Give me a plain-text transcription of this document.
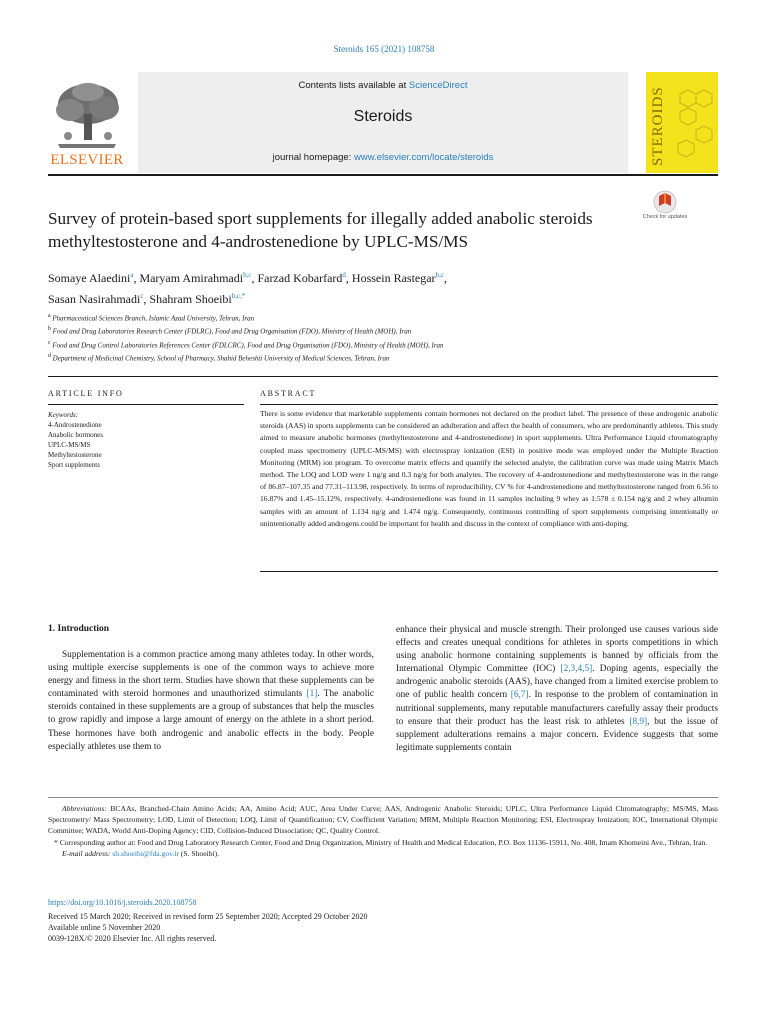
Steroids 165 (2021) 108758
Contents lists available at ScienceDirect
Steroids
journal homepage: www.elsevier.com/locate/steroids
ELSEVIER	STEROIDS
Survey of protein-based sport supplements for illegally added anabolic steroids methyltestosterone and 4-androstenedione by UPLC-MS/MS
Check for updates
Somaye Alaedini$^a$, Maryam Amirahmadi$^{b,c}$, Farzad Kobarfard$^d$, Hossein Rastegar$^{b,c}$,
Sasan Nasirahmadi$^c$, Shahram Shoeibi$^{b,c,*}$
$^a$ Pharmaceutical Sciences Branch, Islamic Azad University, Tehran, Iran
$^b$ Food and Drug Laboratories Research Center (FDLRC), Food and Drug Organisation (FDO), Ministry of Health (MOH), Iran
$^c$ Food and Drug Control Laboratories References Center (FDLCRC), Food and Drug Organisation (FDO), Ministry of Health (MOH), Iran
$^d$ Department of Medicinal Chemistry, School of Pharmacy, Shahid Beheshti University of Medical Sciences, Tehran, Iran
ARTICLE INFO	ABSTRACT
Keywords:
4-Androstenedione
Anabolic hormones
UPLC-MS/MS
Methyltestosterone
Sport supplements
There is some evidence that marketable supplements contain hormones not declared on the product label. The presence of these androgenic anabolic steroids (AAS) in sports supplements can be considered an adulteration and affect the health of consumers, who are predominantly athletes. This study aimed to measure anabolic hormones (methyltestosterone and 4-androstenedione) in sport supplements. Ultra Performance Liquid chromatography coupled mass spectrometry (UPLC-MS/MS) with electrospray ionization (ESI) in positive mode was employed under the Multiple Reaction Monitoring (MRM) ion program. To overcome matrix effects and quantify the selected analyte, the calibration curve was made using Matrix Match method. The LOQ and LOD were 1 ng/g and 0.3 ng/g for both analytes. The recovery of 4-androstenedione and methyltestosterone was in the range of 86.87–107.35 and 77.31–113.98, respectively. In terms of reproducibility, CV % for 4-androstenedione and methyltestosterone ranged from 6.56 to 16.87% and 1.45–15.12%, respectively. 4-androstenedione was found in 11 samples including 9 whey as 1.578 ± 0.154 ng/g and 2 whey albumin samples with an amount of 1.134 ng/g and 1.474 ng/g. Consequently, continuous controlling of sport supplements comprising intentionally or unintentionally added androgens could be important for health and discuss in the context of compliance with anti-doping.
1. Introduction
Supplementation is a common practice among many athletes today. In other words, using multiple exercise supplements is one of the common ways to achieve more energy and fitness in the short term. Studies have shown that these supplements can be contaminated with steroid hormones and unauthorized stimulants [1]. The anabolic steroids contained in these supplements are a group of substances that help the muscles to grow rapidly and impose a large amount of energy on the athlete in a short period. These hormones have both androgenic and anabolic effects in the body. People especially athletes use them to
enhance their physical and muscle strength. Their prolonged use causes various side effects and creates unequal conditions for athletes in sports competitions in which using anabolic hormone containing supplements is banned by officials from the International Olympic Committee (IOC) [2,3,4,5]. Doping agents, especially the androgenic anabolic steroids (AAS), have changed from a limited exercise problem to one of public health concern [6,7]. In response to the problem of contamination in nutritional supplements, many reputable manufacturers carefully assay their products to ensure that their product has the least risk to athletes [8,9], but the issue of supplement adulterations remains a major concern. Evidence suggests that some legitimate supplements contain
Abbreviations: BCAAs, Branched-Chain Amino Acids; AA, Amino Acid; AUC, Area Under Curve; AAS, Androgenic Anabolic Steroids; UPLC, Ultra Performance Liquid Chromatography; MS/MS, Mass Spectrometry/ Mass Spectrometry; LOD, Limit of Detection; LOQ, Limit of Quantification; CV, Coefficient Variation; MRM, Multiple Reaction Monitoring; ESI, Electrospray Ionization; IOC, International Olympic Committee; WADA, World Anti-Doping Agency; CID, Collision-Induced Dissociation; QC, Quality Control.
* Corresponding author at: Food and Drug Laboratory Research Center, Food and Drug Organization, Ministry of Health and Medical Education, P.O. Box 11136-15911, No. 408, Imam Khomeini Ave., Tehran, Iran.
E-mail address: sh.shoeibi@fda.gov.ir (S. Shoeibi).
https://doi.org/10.1016/j.steroids.2020.108758
Received 15 March 2020; Received in revised form 25 September 2020; Accepted 29 October 2020
Available online 5 November 2020
0039-128X/© 2020 Elsevier Inc. All rights reserved.
